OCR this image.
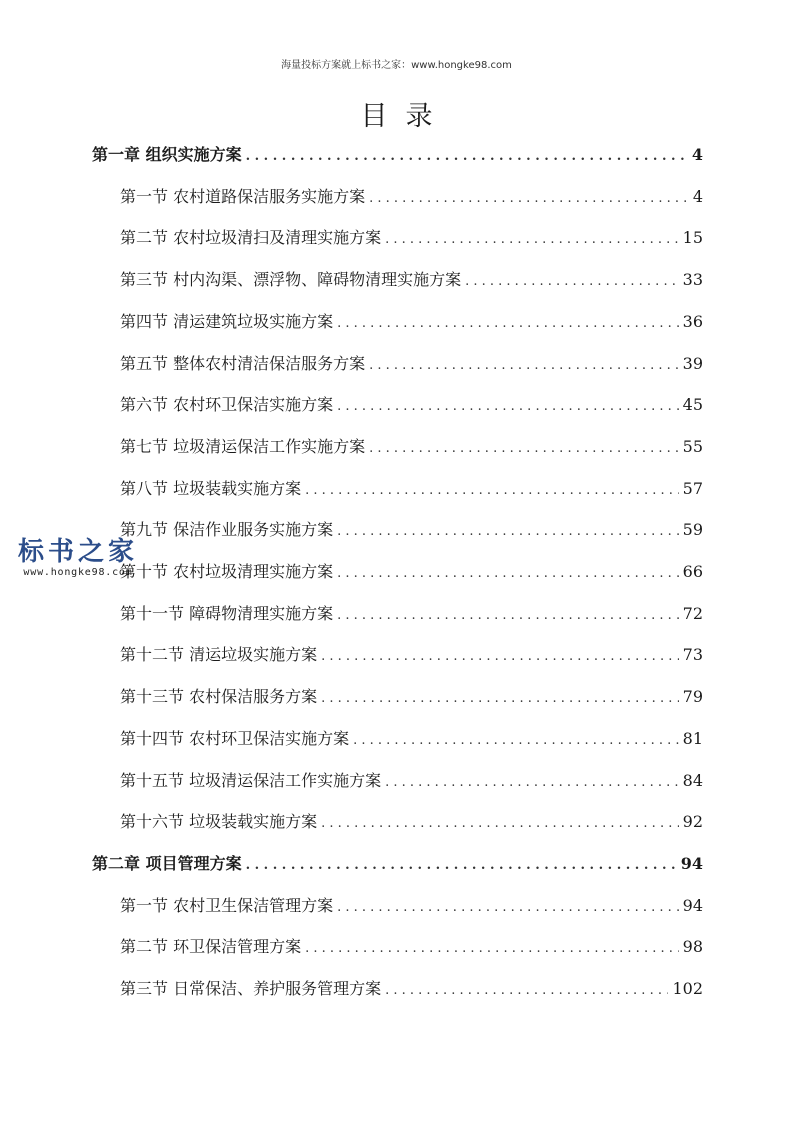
海量投标方案就上标书之家：www.hongke98.com
目录
第一章 组织实施方案 . . .	4
第一节 农村道路保洁服务实施方案 . . .	4
第二节 农村垃圾清扫及清理实施方案 . . .	15
第三节 村内沟渠、漂浮物、障碍物清理实施方案 . . .	33
第四节 清运建筑垃圾实施方案 . . .	36
第五节 整体农村清洁保洁服务方案 . . .	39
第六节 农村环卫保洁实施方案 . . .	45
第七节 垃圾清运保洁工作实施方案 . . .	55
第八节 垃圾装载实施方案 . . .	57
第九节 保洁作业服务实施方案 . . .	59
第十节 农村垃圾清理实施方案 . . .	66
第十一节 障碍物清理实施方案 . . .	72
第十二节 清运垃圾实施方案 . . .	73
第十三节 农村保洁服务方案 . . .	79
第十四节 农村环卫保洁实施方案 . . .	81
第十五节 垃圾清运保洁工作实施方案 . . .	84
第十六节 垃圾装载实施方案 . . .	92
第二章 项目管理方案 . . .	94
第一节 农村卫生保洁管理方案 . . .	94
第二节 环卫保洁管理方案 . . .	98
第三节 日常保洁、养护服务管理方案 . . .	102
标书之家
www.hongke98.com
